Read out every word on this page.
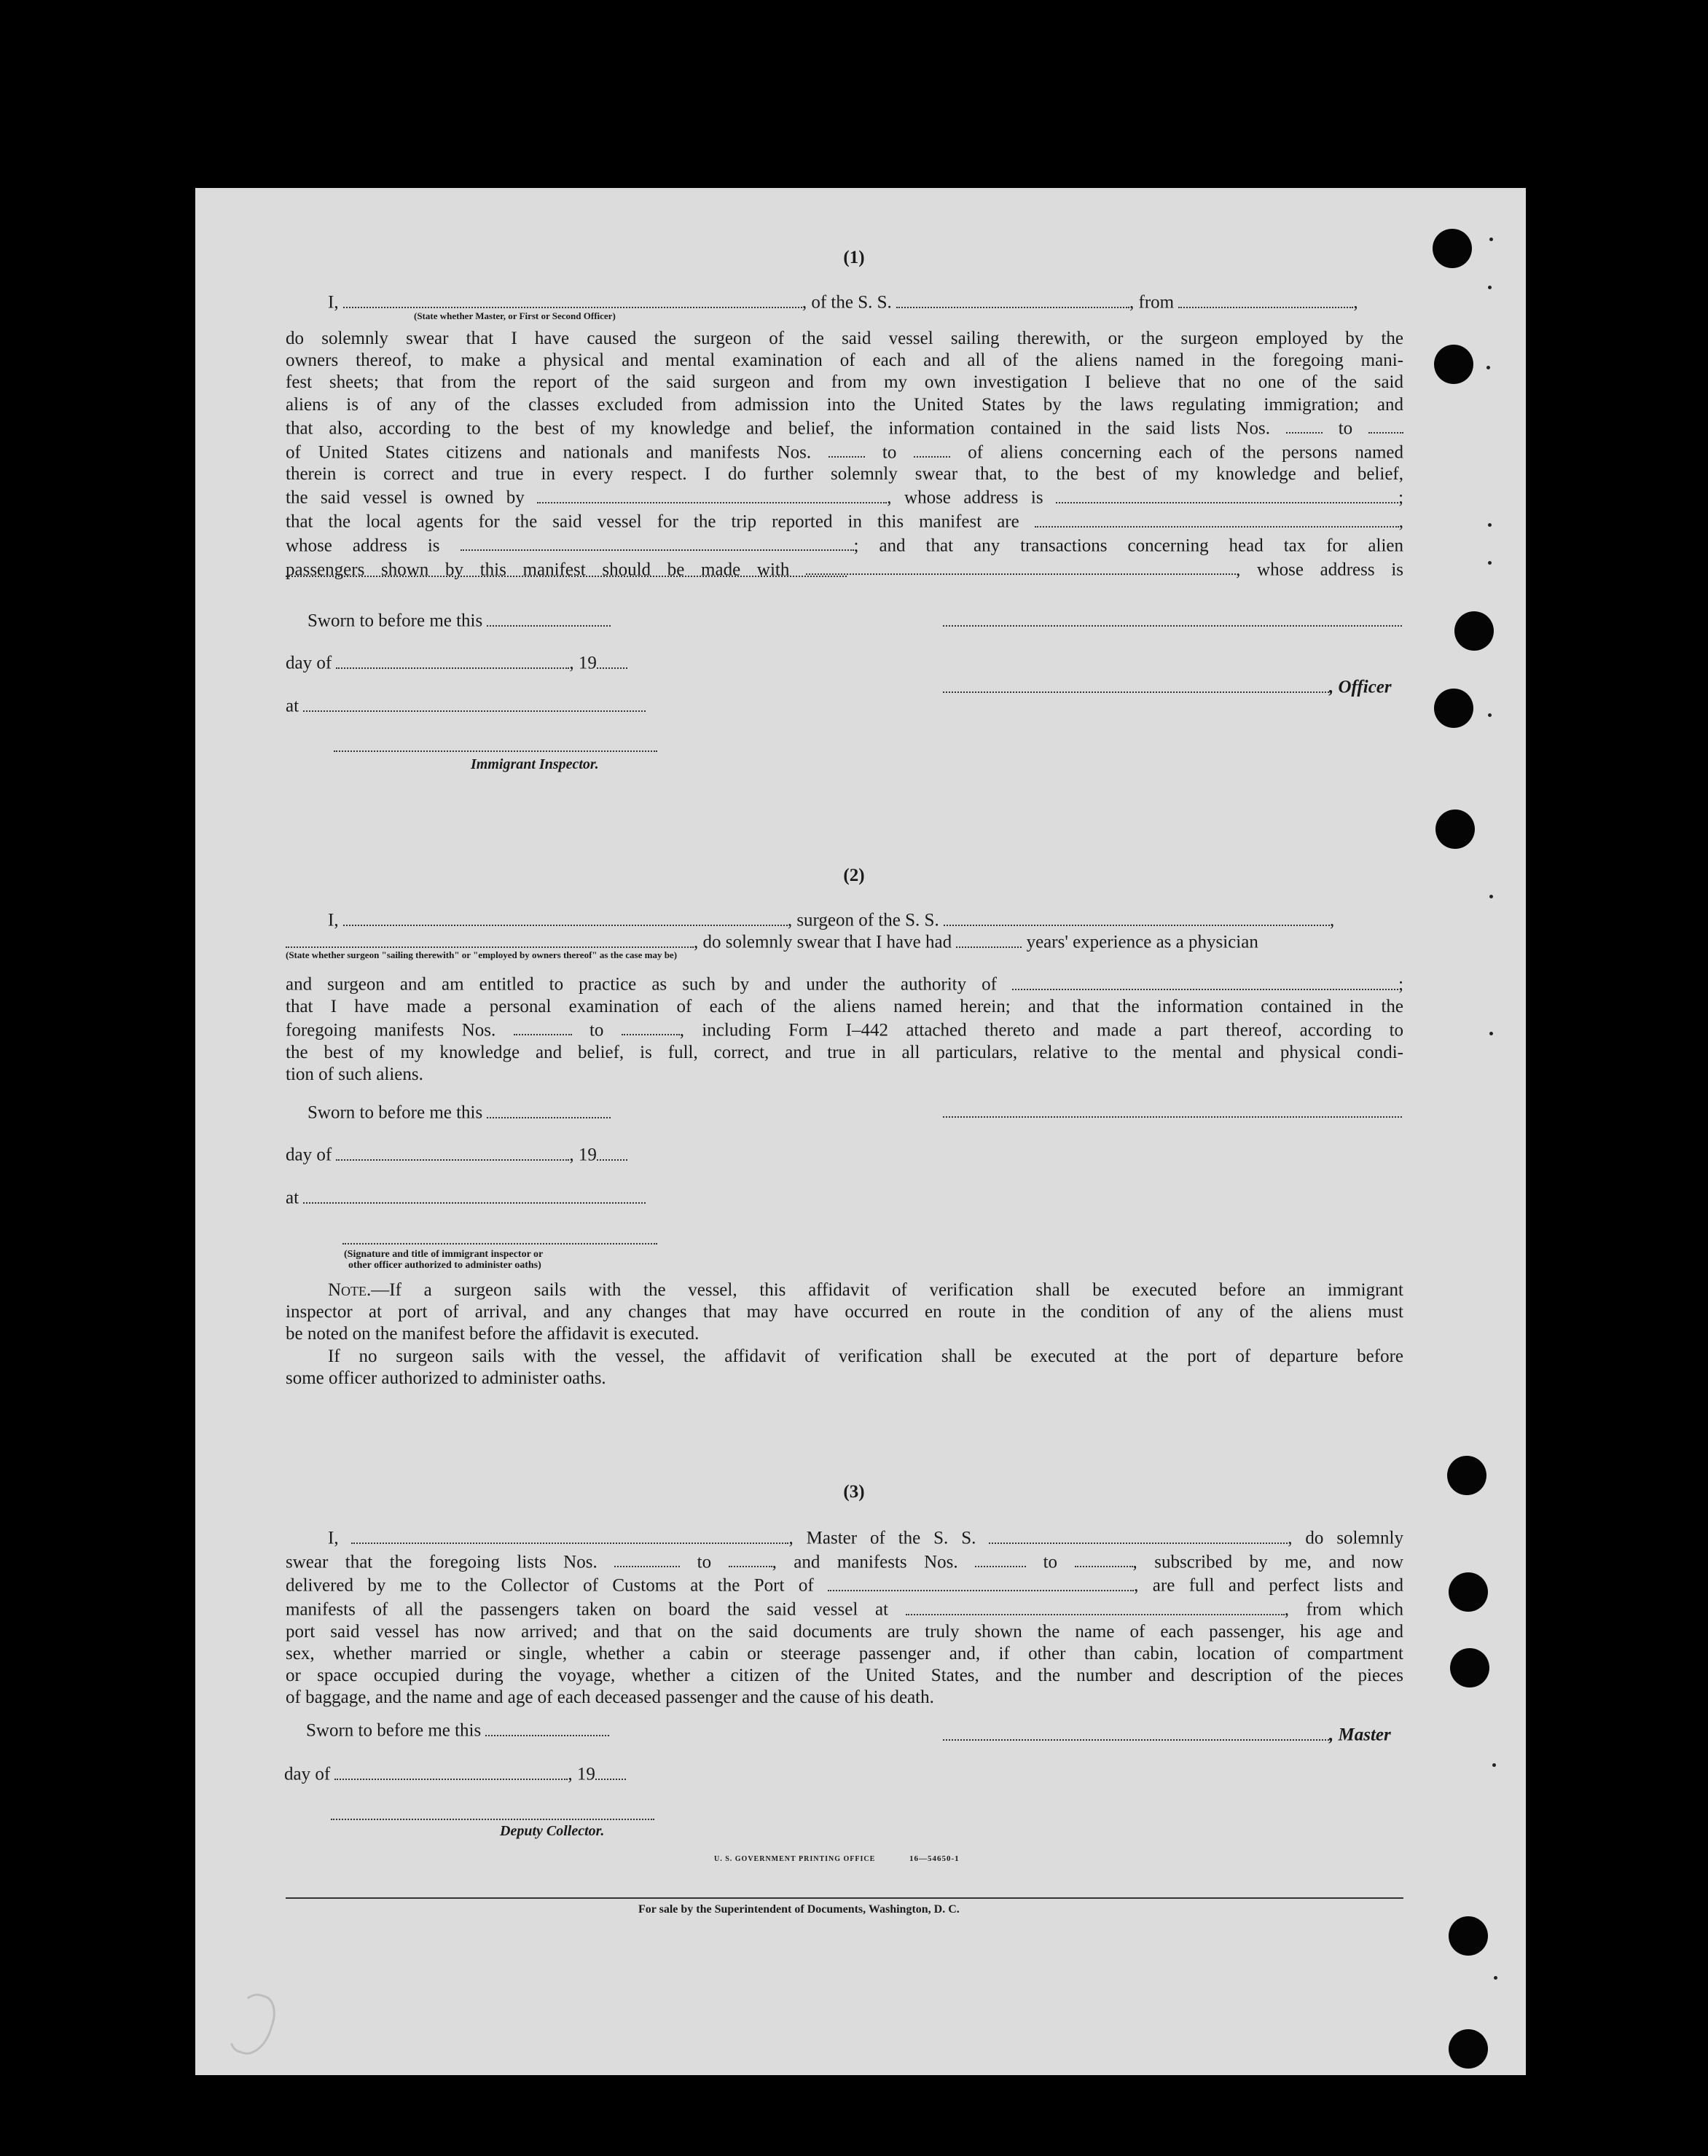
(1)
I,	, of the S. S.	, from	,
(State whether Master, or First or Second Officer)
do solemnly swear that I have caused the surgeon of the said vessel sailing therewith, or the surgeon employed by the
owners thereof, to make a physical and mental examination of each and all of the aliens named in the foregoing mani-
fest sheets; that from the report of the said surgeon and from my own investigation I believe that no one of the said
aliens is of any of the classes excluded from admission into the United States by the laws regulating immigration; and
that also, according to the best of my knowledge and belief, the information contained in the said lists Nos.	to
of United States citizens and nationals and manifests Nos.	to	of aliens concerning each of the persons named
therein is correct and true in every respect. I do further solemnly swear that, to the best of my knowledge and belief,
the said vessel is owned by	, whose address is	;
that the local agents for the said vessel for the trip reported in this manifest are	,
whose address is	; and that any transactions concerning head tax for alien
passengers shown by this manifest should be made with	, whose address is
Sworn to before me this
day of	, 19
at
Immigrant Inspector.
, Officer
(2)
I,	, surgeon of the S. S.	,
, do solemnly swear that I have had	years' experience as a physician
(State whether surgeon "sailing therewith" or "employed by owners thereof" as the case may be)
and surgeon and am entitled to practice as such by and under the authority of	;
that I have made a personal examination of each of the aliens named herein; and that the information contained in the
foregoing manifests Nos.	to	, including Form I–442 attached thereto and made a part thereof, according to
the best of my knowledge and belief, is full, correct, and true in all particulars, relative to the mental and physical condi-
tion of such aliens.
Sworn to before me this
day of	, 19
at
(Signature and title of immigrant inspector or
other officer authorized to administer oaths)
Note.—If a surgeon sails with the vessel, this affidavit of verification shall be executed before an immigrant
inspector at port of arrival, and any changes that may have occurred en route in the condition of any of the aliens must
be noted on the manifest before the affidavit is executed.
If no surgeon sails with the vessel, the affidavit of verification shall be executed at the port of departure before
some officer authorized to administer oaths.
(3)
I,	, Master of the S. S.	, do solemnly
swear that the foregoing lists Nos.	to	, and manifests Nos.	to	, subscribed by me, and now
delivered by me to the Collector of Customs at the Port of	, are full and perfect lists and
manifests of all the passengers taken on board the said vessel at	, from which
port said vessel has now arrived; and that on the said documents are truly shown the name of each passenger, his age and
sex, whether married or single, whether a cabin or steerage passenger and, if other than cabin, location of compartment
or space occupied during the voyage, whether a citizen of the United States, and the number and description of the pieces
of baggage, and the name and age of each deceased passenger and the cause of his death.
Sworn to before me this	, Master
day of	, 19
Deputy Collector.
U. S. GOVERNMENT PRINTING OFFICE	16—54650-1
For sale by the Superintendent of Documents, Washington, D. C.
